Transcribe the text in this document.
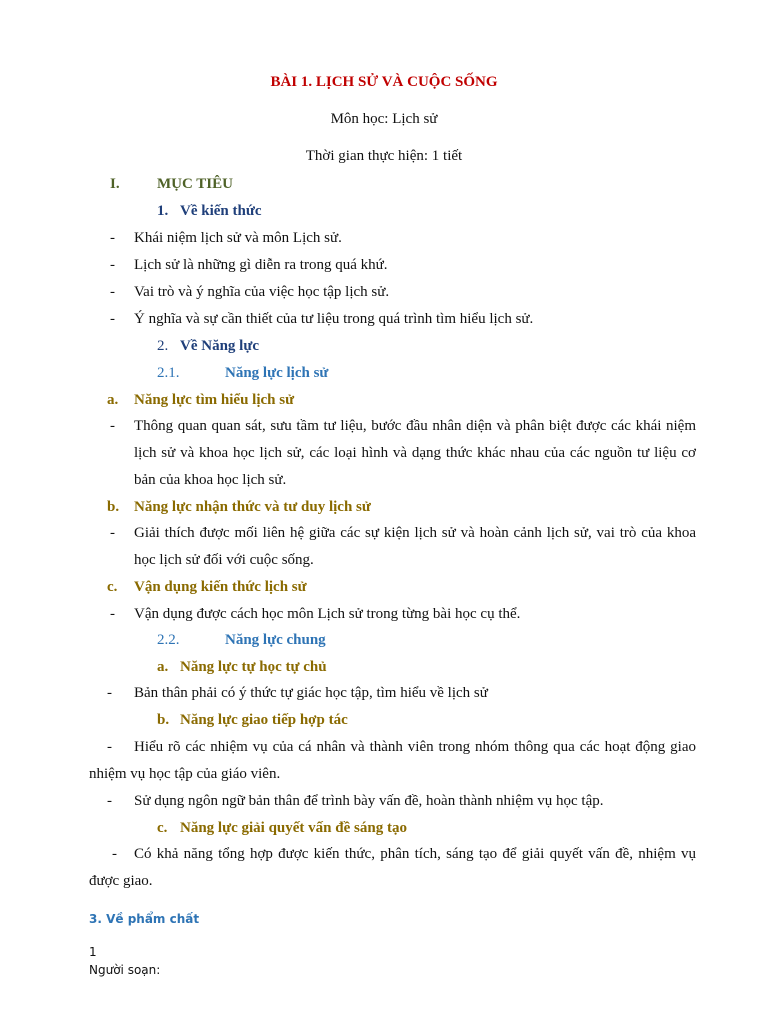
BÀI 1. LỊCH SỬ VÀ CUỘC SỐNG
Môn học: Lịch sử
Thời gian thực hiện: 1 tiết
I. MỤC TIÊU
1. Về kiến thức
- Khái niệm lịch sử và môn Lịch sử.
- Lịch sử là những gì diễn ra trong quá khứ.
- Vai trò và ý nghĩa của việc học tập lịch sử.
- Ý nghĩa và sự cần thiết của tư liệu trong quá trình tìm hiểu lịch sử.
2. Về Năng lực
2.1.	Năng lực lịch sử
a. Năng lực tìm hiểu lịch sử
- Thông quan quan sát, sưu tầm tư liệu, bước đầu nhân diện và phân biệt được các khái niệm
lịch sử và khoa học lịch sử, các loại hình và dạng thức khác nhau của các nguồn tư liệu cơ
bản của khoa học lịch sử.
b. Năng lực nhận thức và tư duy lịch sử
- Giải thích được mối liên hệ giữa các sự kiện lịch sử và hoàn cảnh lịch sử, vai trò của khoa
học lịch sử đối với cuộc sống.
c. Vận dụng kiến thức lịch sử
- Vận dụng được cách học môn Lịch sử trong từng bài học cụ thể.
2.2.	Năng lực chung
a. Năng lực tự học tự chủ
- Bản thân phải có ý thức tự giác học tập, tìm hiểu về lịch sử
b. Năng lực giao tiếp hợp tác
- Hiểu rõ các nhiệm vụ của cá nhân và thành viên trong nhóm thông qua các hoạt động giao
nhiệm vụ học tập của giáo viên.
- Sử dụng ngôn ngữ bản thân để trình bày vấn đề, hoàn thành nhiệm vụ học tập.
c. Năng lực giải quyết vấn đề sáng tạo
- Có khả năng tổng hợp được kiến thức, phân tích, sáng tạo để giải quyết vấn đề, nhiệm vụ
được giao.
3. Về phẩm chất
1
Người soạn:
